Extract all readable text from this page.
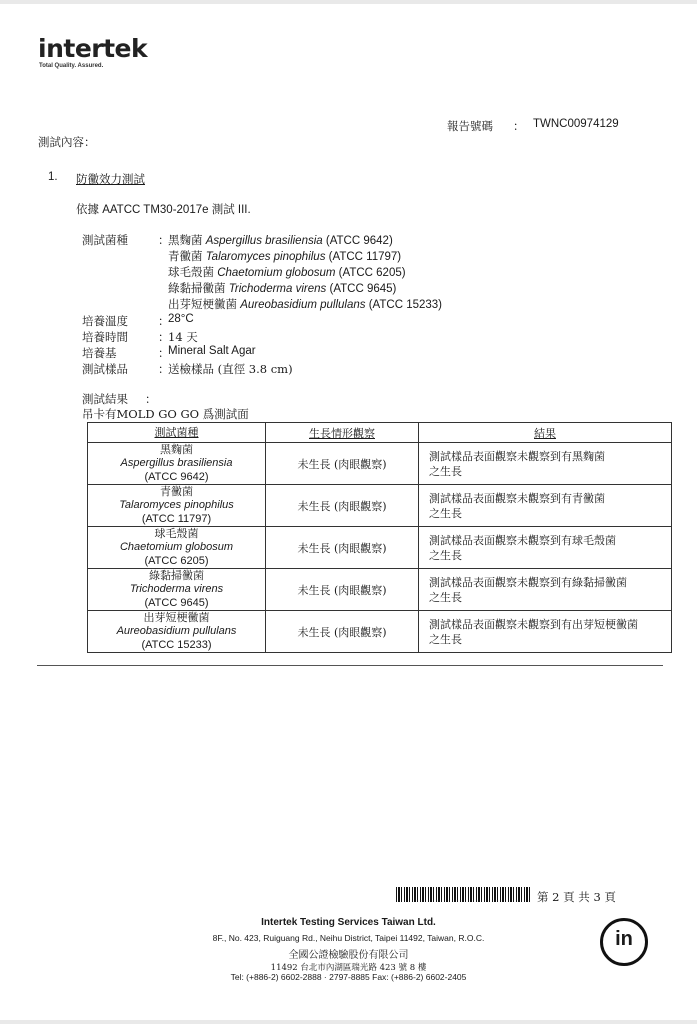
intertek
Total Quality. Assured.
報告號碼 ： TWNC00974129
測試內容：
1. 防黴效力測試
依據 AATCC TM30-2017e 測試 III.
測試菌種	：
黑麴菌 Aspergillus brasiliensia (ATCC 9642)
青黴菌 Talaromyces pinophilus (ATCC 11797)
球毛殼菌 Chaetomium globosum (ATCC 6205)
綠黏掃黴菌 Trichoderma virens (ATCC 9645)
出芽短梗黴菌 Aureobasidium pullulans (ATCC 15233)
培養溫度	：
28°C
培養時間	：
14 天
培養基	：
Mineral Salt Agar
測試樣品	：
送檢樣品 (直徑 3.8 cm)
測試結果 ：
吊卡有MOLD GO GO 爲測試面
測試菌種	生長情形觀察	結果
黑麴菌
Aspergillus brasiliensia
(ATCC 9642)	未生長 (肉眼觀察)	測試樣品表面觀察未觀察到有黑麴菌
之生長
青黴菌
Talaromyces pinophilus
(ATCC 11797)	未生長 (肉眼觀察)	測試樣品表面觀察未觀察到有青黴菌
之生長
球毛殼菌
Chaetomium globosum
(ATCC 6205)	未生長 (肉眼觀察)	測試樣品表面觀察未觀察到有球毛殼菌
之生長
綠黏掃黴菌
Trichoderma virens
(ATCC 9645)	未生長 (肉眼觀察)	測試樣品表面觀察未觀察到有綠黏掃黴菌
之生長
出芽短梗黴菌
Aureobasidium pullulans
(ATCC 15233)	未生長 (肉眼觀察)	測試樣品表面觀察未觀察到有出芽短梗黴菌
之生長
第 2 頁 共 3 頁
Intertek Testing Services Taiwan Ltd.
8F., No. 423, Ruiguang Rd., Neihu District, Taipei 11492, Taiwan, R.O.C.
全國公證檢驗股份有限公司
11492 台北市內湖區瑞光路 423 號 8 樓
Tel: (+886-2) 6602-2888 · 2797-8885 Fax: (+886-2) 6602-2405
in
